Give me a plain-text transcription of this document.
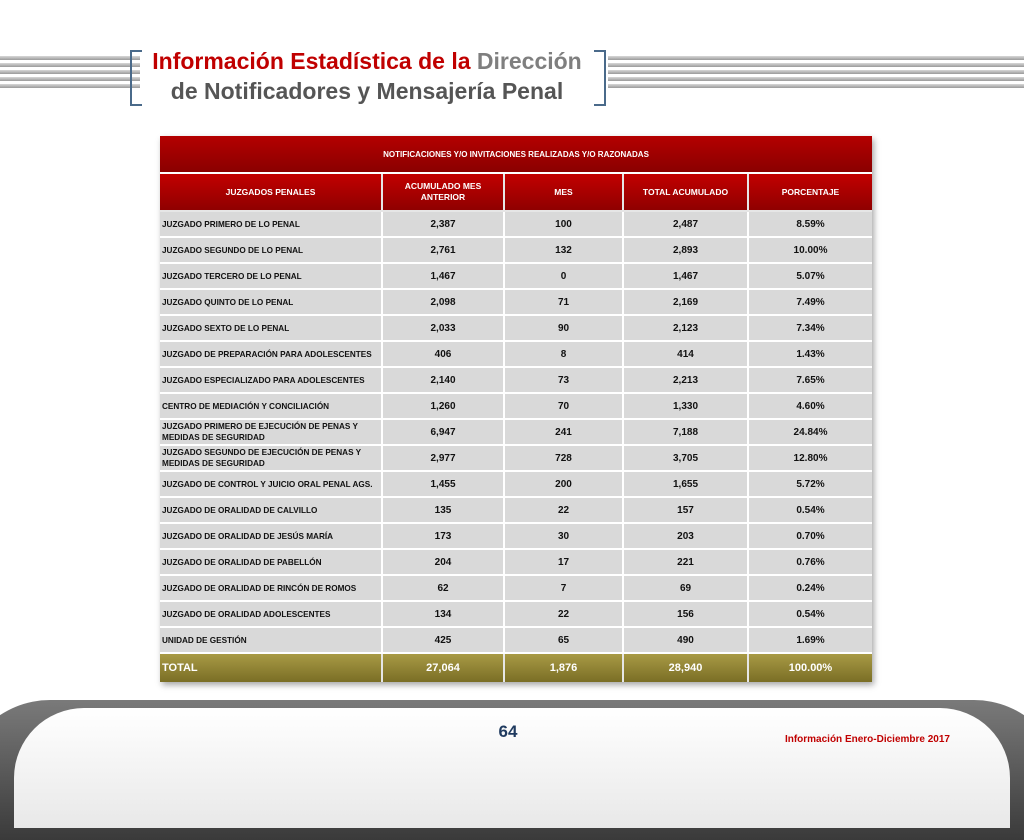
Información Estadística de la Dirección
de Notificadores y Mensajería Penal
NOTIFICACIONES Y/O INVITACIONES REALIZADAS Y/O RAZONADAS				
JUZGADOS PENALES	ACUMULADO MES ANTERIOR	MES	TOTAL ACUMULADO	PORCENTAJE
JUZGADO PRIMERO DE LO PENAL	2,387	100	2,487	8.59%
JUZGADO SEGUNDO DE LO PENAL	2,761	132	2,893	10.00%
JUZGADO TERCERO DE LO PENAL	1,467	0	1,467	5.07%
JUZGADO QUINTO DE LO PENAL	2,098	71	2,169	7.49%
JUZGADO SEXTO DE LO PENAL	2,033	90	2,123	7.34%
JUZGADO DE PREPARACIÓN PARA ADOLESCENTES	406	8	414	1.43%
JUZGADO ESPECIALIZADO PARA ADOLESCENTES	2,140	73	2,213	7.65%
CENTRO DE MEDIACIÓN Y CONCILIACIÓN	1,260	70	1,330	4.60%
JUZGADO PRIMERO DE EJECUCIÓN DE PENAS Y MEDIDAS DE SEGURIDAD	6,947	241	7,188	24.84%
JUZGADO SEGUNDO DE EJECUCIÓN DE PENAS Y MEDIDAS DE SEGURIDAD	2,977	728	3,705	12.80%
JUZGADO DE CONTROL Y JUICIO ORAL PENAL AGS.	1,455	200	1,655	5.72%
JUZGADO DE ORALIDAD DE CALVILLO	135	22	157	0.54%
JUZGADO DE ORALIDAD DE JESÚS MARÍA	173	30	203	0.70%
JUZGADO DE ORALIDAD DE PABELLÓN	204	17	221	0.76%
JUZGADO DE ORALIDAD DE RINCÓN DE ROMOS	62	7	69	0.24%
JUZGADO DE ORALIDAD ADOLESCENTES	134	22	156	0.54%
UNIDAD DE GESTIÓN	425	65	490	1.69%
TOTAL	27,064	1,876	28,940	100.00%
64	Información Enero-Diciembre 2017
